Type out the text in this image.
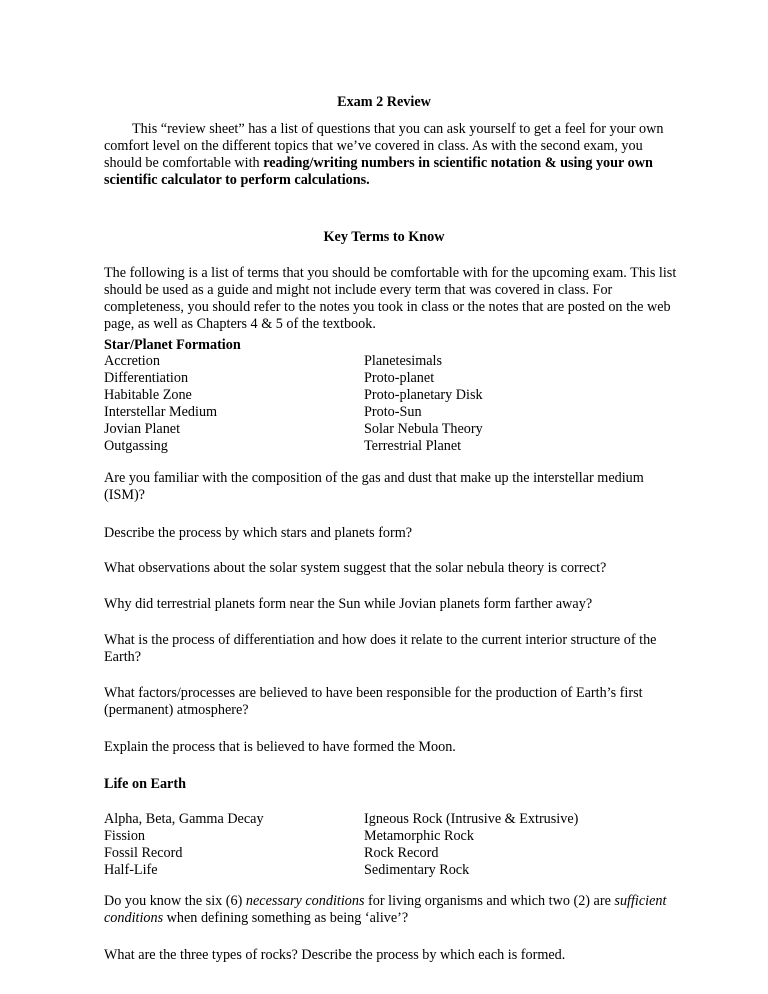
Exam 2 Review
This “review sheet” has a list of questions that you can ask yourself to get a feel for your own comfort level on the different topics that we’ve covered in class. As with the second exam, you should be comfortable with reading/writing numbers in scientific notation & using your own scientific calculator to perform calculations.
Key Terms to Know
The following is a list of terms that you should be comfortable with for the upcoming exam. This list should be used as a guide and might not include every term that was covered in class. For completeness, you should refer to the notes you took in class or the notes that are posted on the web page, as well as Chapters 4 & 5 of the textbook.
Star/Planet Formation
Accretion
Differentiation
Habitable Zone
Interstellar Medium
Jovian Planet
Outgassing
Planetesimals
Proto-planet
Proto-planetary Disk
Proto-Sun
Solar Nebula Theory
Terrestrial Planet
Are you familiar with the composition of the gas and dust that make up the interstellar medium (ISM)?
Describe the process by which stars and planets form?
What observations about the solar system suggest that the solar nebula theory is correct?
Why did terrestrial planets form near the Sun while Jovian planets form farther away?
What is the process of differentiation and how does it relate to the current interior structure of the Earth?
What factors/processes are believed to have been responsible for the production of Earth’s first (permanent) atmosphere?
Explain the process that is believed to have formed the Moon.
Life on Earth
Alpha, Beta, Gamma Decay
Fission
Fossil Record
Half-Life
Igneous Rock (Intrusive & Extrusive)
Metamorphic Rock
Rock Record
Sedimentary Rock
Do you know the six (6) necessary conditions for living organisms and which two (2) are sufficient conditions when defining something as being ‘alive’?
What are the three types of rocks? Describe the process by which each is formed.
